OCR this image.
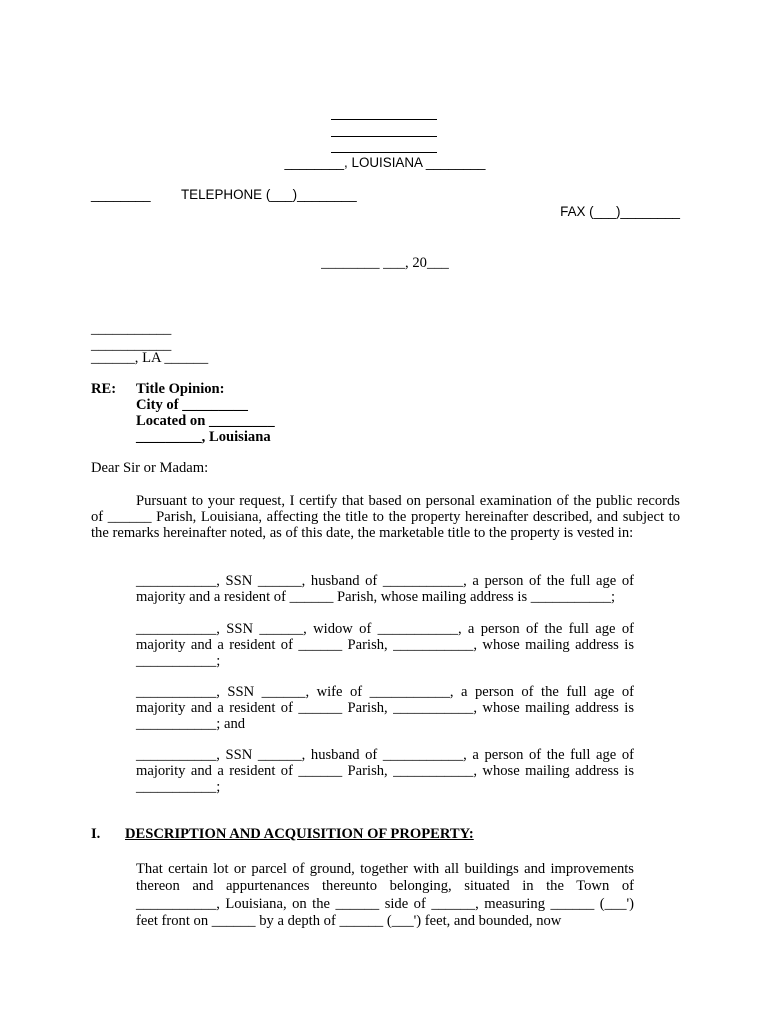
________, LOUISIANA ________
________ TELEPHONE (___)________
FAX (___)________
________ ___, 20___
___________
___________
______, LA ______
RE: Title Opinion:
City of _________
Located on _________
_________, Louisiana
Dear Sir or Madam:
Pursuant to your request, I certify that based on personal examination of the public records of ______ Parish, Louisiana, affecting the title to the property hereinafter described, and subject to the remarks hereinafter noted, as of this date, the marketable title to the property is vested in:
___________, SSN ______, husband of ___________, a person of the full age of majority and a resident of ______ Parish, whose mailing address is ___________;
___________, SSN ______, widow of ___________, a person of the full age of majority and a resident of ______ Parish, ___________, whose mailing address is ___________;
___________, SSN ______, wife of ___________, a person of the full age of majority and a resident of ______ Parish, ___________, whose mailing address is ___________; and
___________, SSN ______, husband of ___________, a person of the full age of majority and a resident of ______ Parish, ___________, whose mailing address is ___________;
I. DESCRIPTION AND ACQUISITION OF PROPERTY:
That certain lot or parcel of ground, together with all buildings and improvements thereon and appurtenances thereunto belonging, situated in the Town of ___________, Louisiana, on the ______ side of ______, measuring ______ (___') feet front on ______ by a depth of ______ (___') feet, and bounded, now
